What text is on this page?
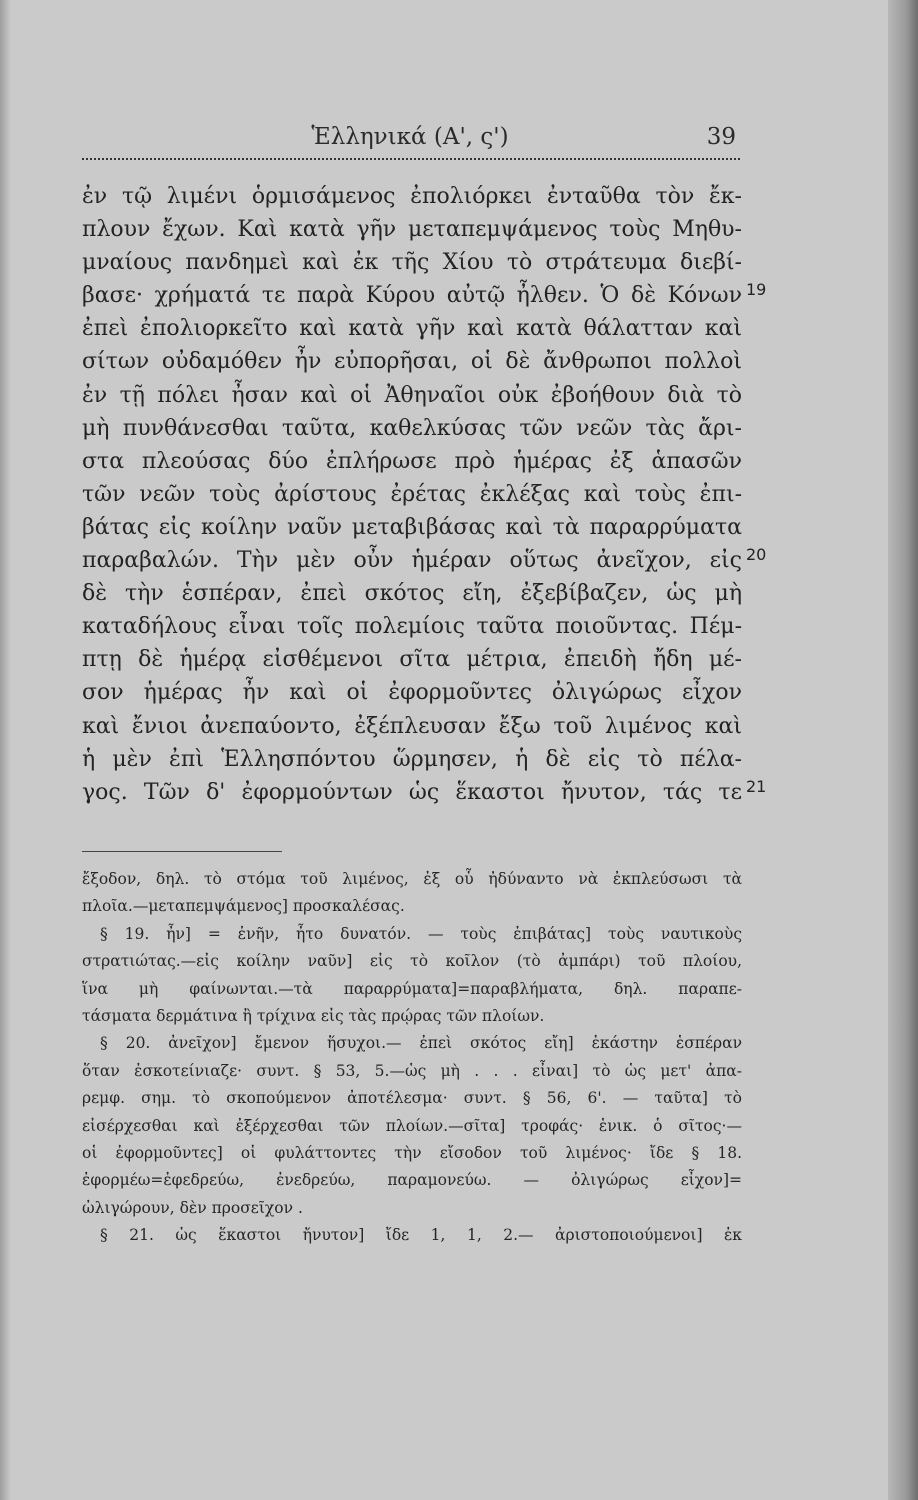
Ἑλληνικά (Α', ς')	39
ἐν τῷ λιμένι ὁρμισάμενος ἐπολιόρκει ἐνταῦθα τὸν ἔκ-
πλουν ἔχων. Καὶ κατὰ γῆν μεταπεμψάμενος τοὺς Μηθυ-
μναίους πανδημεὶ καὶ ἐκ τῆς Χίου τὸ στράτευμα διεβί-
βασε· χρήματά τε παρὰ Κύρου αὐτῷ ἦλθεν. Ὁ δὲ Κόνων 19
ἐπεὶ ἐπολιορκεῖτο καὶ κατὰ γῆν καὶ κατὰ θάλατταν καὶ
σίτων οὐδαμόθεν ἦν εὐπορῆσαι, οἱ δὲ ἄνθρωποι πολλοὶ
ἐν τῇ πόλει ἦσαν καὶ οἱ Ἀθηναῖοι οὐκ ἐβοήθουν διὰ τὸ
μὴ πυνθάνεσθαι ταῦτα, καθελκύσας τῶν νεῶν τὰς ἄρι-
στα πλεούσας δύο ἐπλήρωσε πρὸ ἡμέρας ἐξ ἁπασῶν
τῶν νεῶν τοὺς ἀρίστους ἐρέτας ἐκλέξας καὶ τοὺς ἐπι-
βάτας εἰς κοίλην ναῦν μεταβιβάσας καὶ τὰ παραρρύματα
παραβαλών. Τὴν μὲν οὖν ἡμέραν οὕτως ἀνεῖχον, εἰς 20
δὲ τὴν ἑσπέραν, ἐπεὶ σκότος εἴη, ἐξεβίβαζεν, ὡς μὴ
καταδήλους εἶναι τοῖς πολεμίοις ταῦτα ποιοῦντας. Πέμ-
πτῃ δὲ ἡμέρᾳ εἰσθέμενοι σῖτα μέτρια, ἐπειδὴ ἤδη μέ-
σον ἡμέρας ἦν καὶ οἱ ἐφορμοῦντες ὀλιγώρως εἶχον
καὶ ἔνιοι ἀνεπαύοντο, ἐξέπλευσαν ἔξω τοῦ λιμένος καὶ
ἡ μὲν ἐπὶ Ἑλλησπόντου ὥρμησεν, ἡ δὲ εἰς τὸ πέλα-
γος. Τῶν δ' ἐφορμούντων ὡς ἕκαστοι ἤνυτον, τάς τε 21
ἔξοδον, δηλ. τὸ στόμα τοῦ λιμένος, ἐξ οὗ ἠδύναντο νὰ ἐκπλεύσωσι τὰ
πλοῖα.—μεταπεμψάμενος] προσκαλέσας.
§ 19. ἦν] = ἐνῆν, ἦτο δυνατόν. — τοὺς ἐπιβάτας] τοὺς ναυτικοὺς
στρατιώτας.—εἰς κοίλην ναῦν] εἰς τὸ κοῖλον (τὸ ἀμπάρι) τοῦ πλοίου,
ἵνα μὴ φαίνωνται.—τὰ παραρρύματα]=παραβλήματα, δηλ. παραπε-
τάσματα δερμάτινα ἢ τρίχινα εἰς τὰς πρῴρας τῶν πλοίων.
§ 20. ἀνεῖχον] ἔμενον ἥσυχοι.— ἐπεὶ σκότος εἴη] ἑκάστην ἑσπέραν
ὅταν ἐσκοτείνιαζε· συντ. § 53, 5.—ὡς μὴ . . . εἶναι] τὸ ὡς μετ' ἀπα-
ρεμφ. σημ. τὸ σκοπούμενον ἀποτέλεσμα· συντ. § 56, 6'. — ταῦτα] τὸ
εἰσέρχεσθαι καὶ ἐξέρχεσθαι τῶν πλοίων.—σῖτα] τροφάς· ἑνικ. ὁ σῖτος·—
οἱ ἐφορμοῦντες] οἱ φυλάττοντες τὴν εἴσοδον τοῦ λιμένος· ἴδε § 18.
ἐφορμέω=ἐφεδρεύω, ἐνεδρεύω, παραμονεύω. — ὀλιγώρως εἶχον]=
ὠλιγώρουν, δὲν προσεῖχον .
§ 21. ὡς ἕκαστοι ἤνυτον] ἴδε 1, 1, 2.— ἀριστοποιούμενοι] ἐκ
